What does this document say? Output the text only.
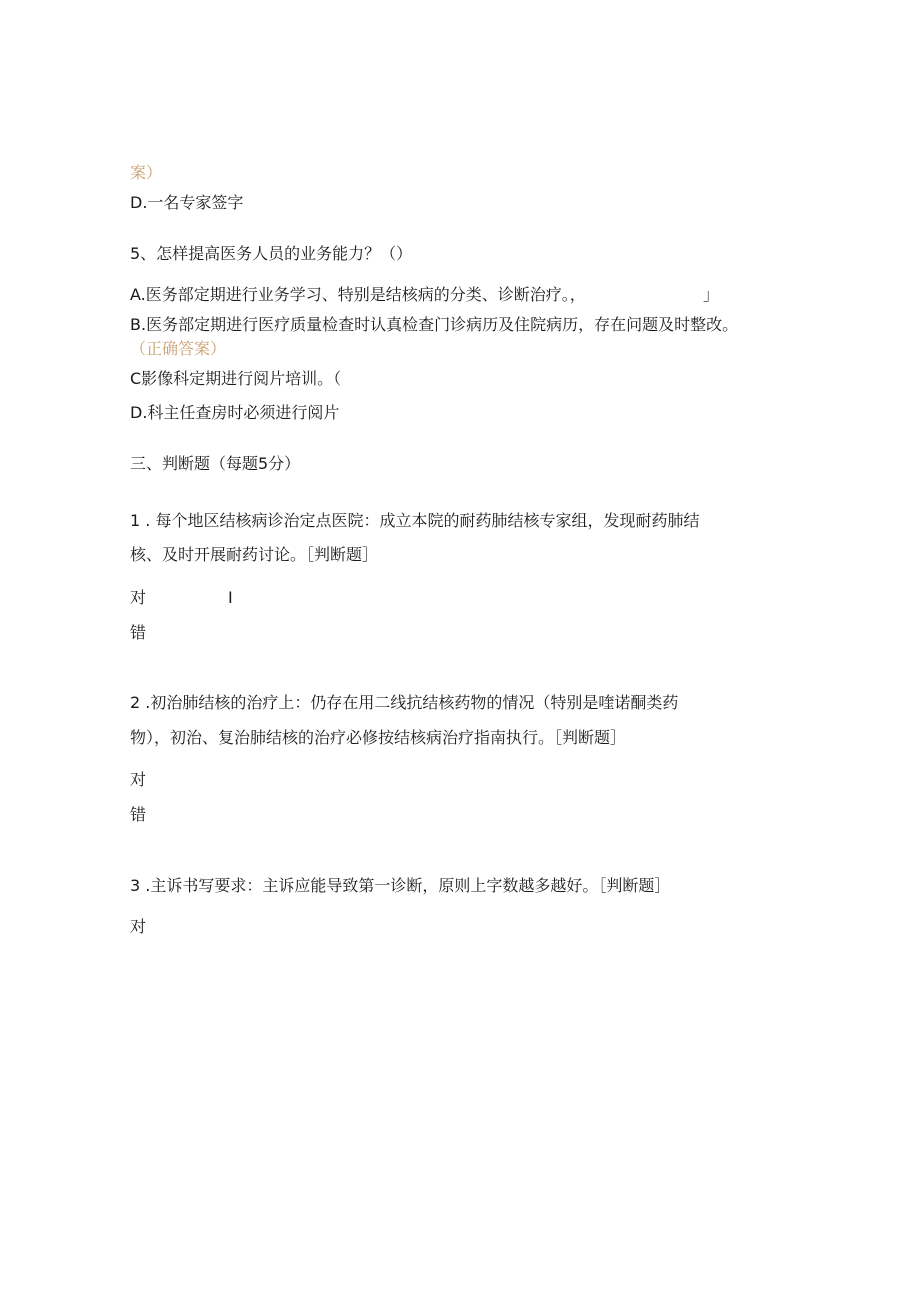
案）
D.一名专家签字
5、怎样提高医务人员的业务能力？（）
A.医务部定期进行业务学习、特别是结核病的分类、诊断治疗。，	」
B.医务部定期进行医疗质量检查时认真检查门诊病历及住院病历，存在问题及时整改。
（正确答案）
C影像科定期进行阅片培训。（
D.科主任查房时必须进行阅片
三、判断题（每题5分）
1 . 每个地区结核病诊治定点医院：成立本院的耐药肺结核专家组，发现耐药肺结
核、及时开展耐药讨论。［判断题］
对	I
错
2 .初治肺结核的治疗上：仍存在用二线抗结核药物的情况（特别是喹诺酮类药
物），初治、复治肺结核的治疗必修按结核病治疗指南执行。［判断题］
对
错
3 .主诉书写要求：主诉应能导致第一诊断，原则上字数越多越好。［判断题］
对
